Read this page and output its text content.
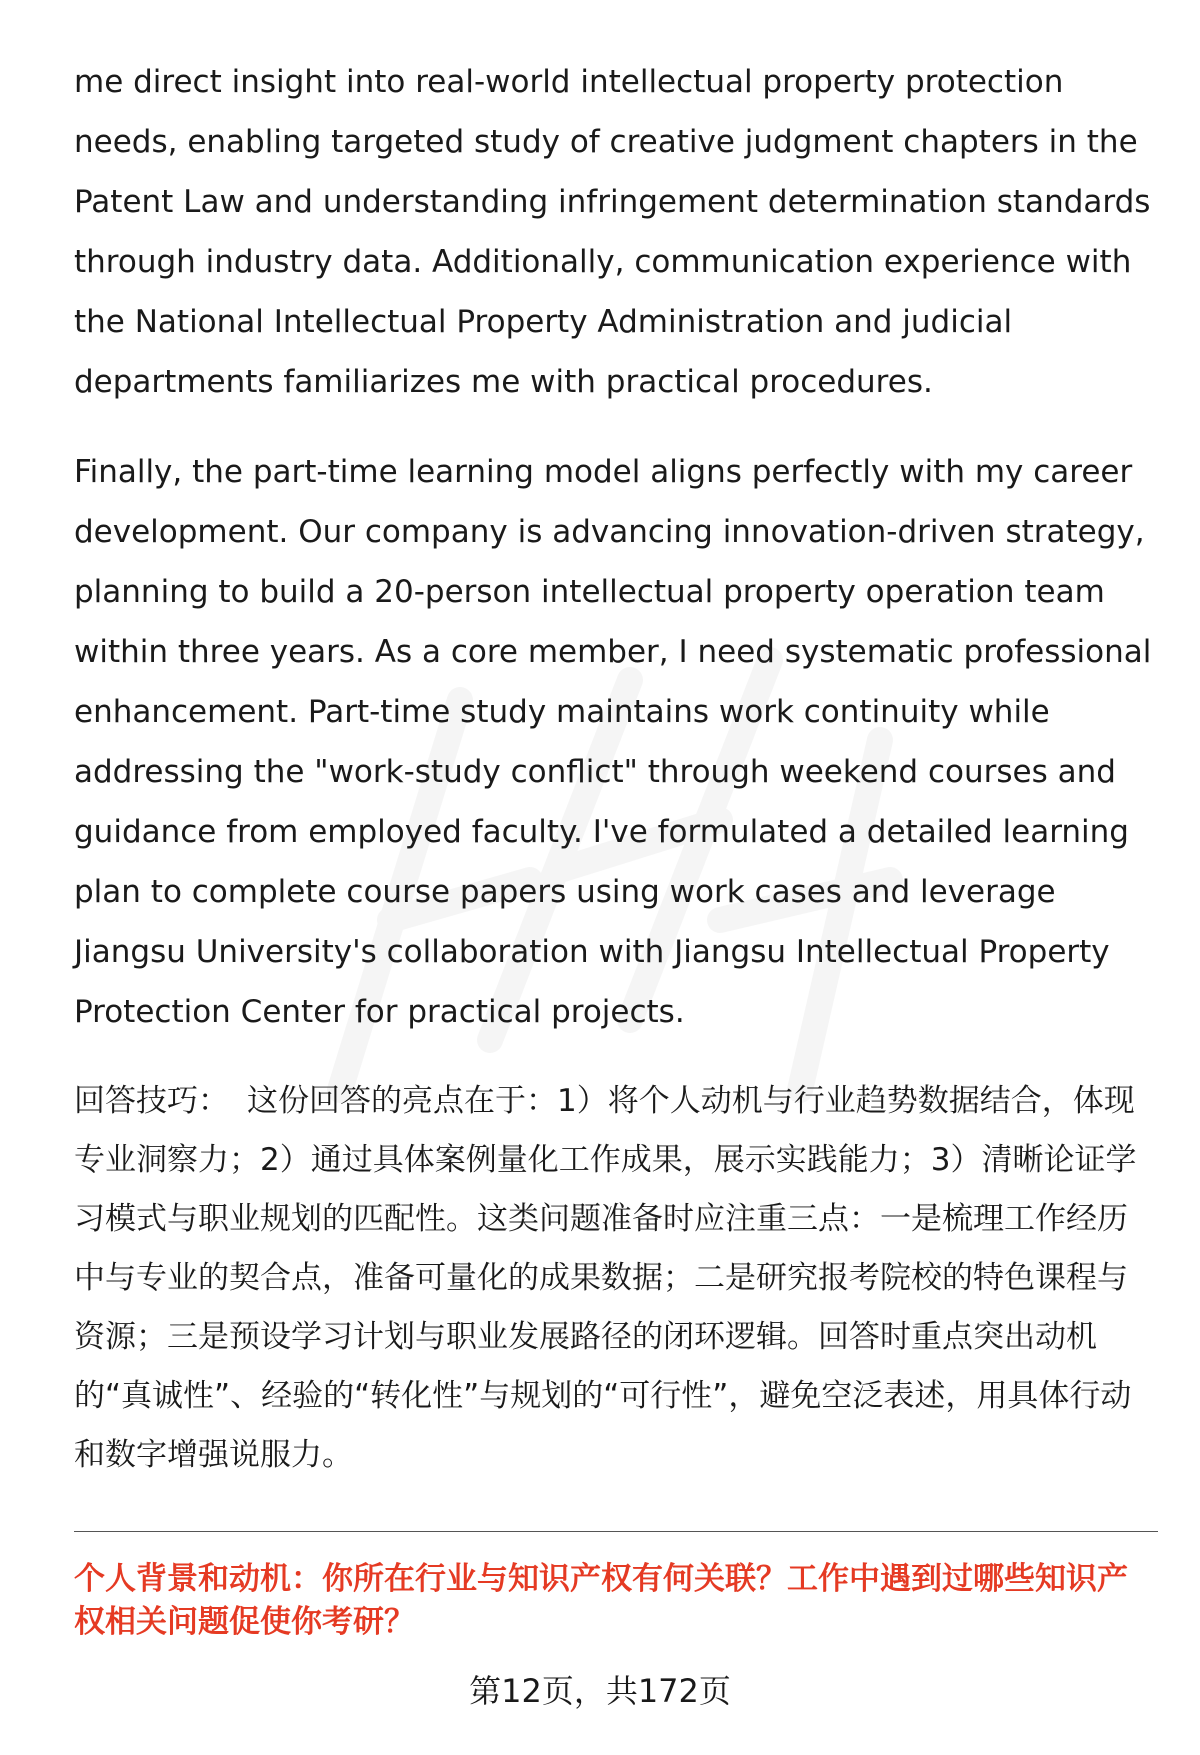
me direct insight into real-world intellectual property protection needs, enabling targeted study of creative judgment chapters in the Patent Law and understanding infringement determination standards through industry data. Additionally, communication experience with the National Intellectual Property Administration and judicial departments familiarizes me with practical procedures.

Finally, the part-time learning model aligns perfectly with my career development. Our company is advancing innovation-driven strategy, planning to build a 20-person intellectual property operation team within three years. As a core member, I need systematic professional enhancement. Part-time study maintains work continuity while addressing the "work-study conflict" through weekend courses and guidance from employed faculty. I've formulated a detailed learning plan to complete course papers using work cases and leverage Jiangsu University's collaboration with Jiangsu Intellectual Property Protection Center for practical projects.

回答技巧： 这份回答的亮点在于：1）将个人动机与行业趋势数据结合，体现专业洞察力；2）通过具体案例量化工作成果，展示实践能力；3）清晰论证学习模式与职业规划的匹配性。这类问题准备时应注重三点：一是梳理工作经历中与专业的契合点，准备可量化的成果数据；二是研究报考院校的特色课程与资源；三是预设学习计划与职业发展路径的闭环逻辑。回答时重点突出动机的“真诚性”、经验的“转化性”与规划的“可行性”，避免空泛表述，用具体行动和数字增强说服力。

个人背景和动机：你所在行业与知识产权有何关联？工作中遇到过哪些知识产权相关问题促使你考研？

第12页，共172页
